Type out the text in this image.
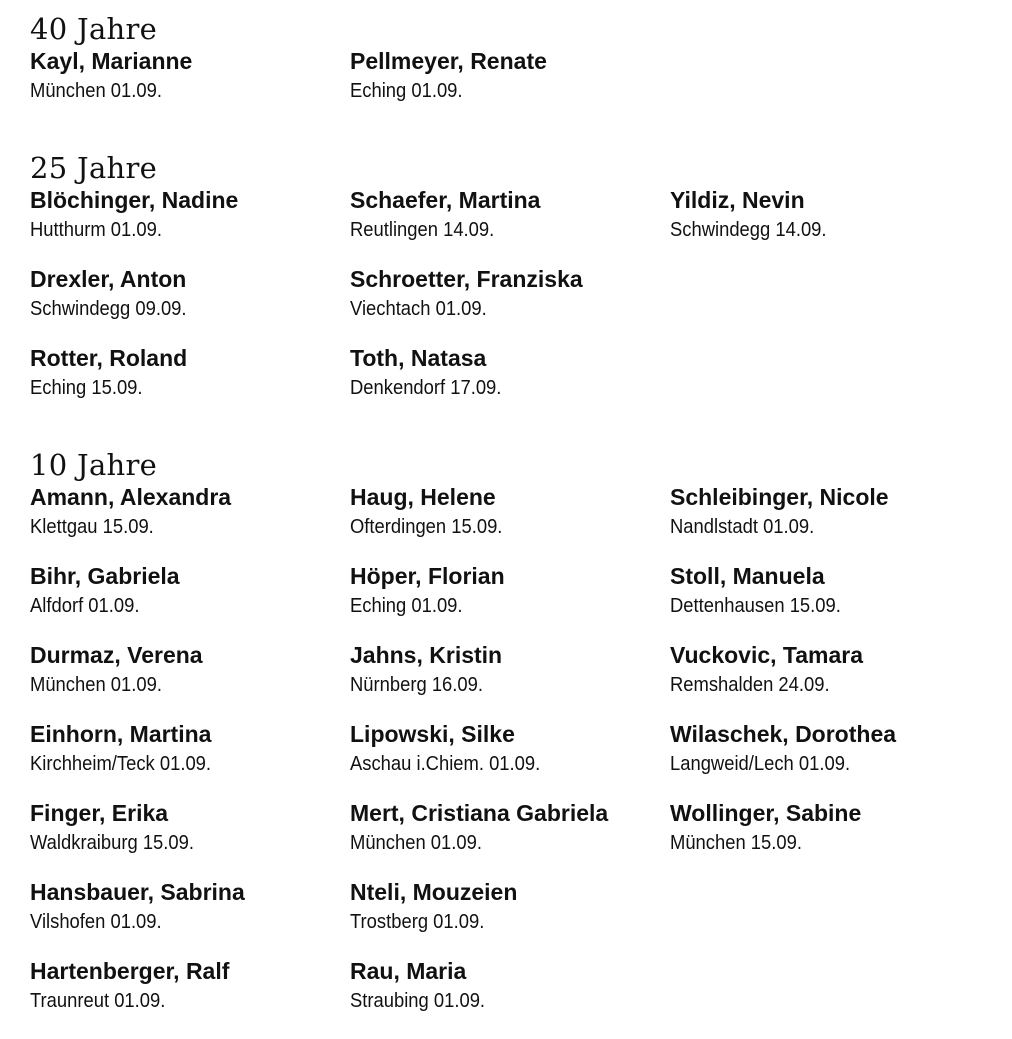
40 Jahre
Kayl, Marianne
München 01.09.
Pellmeyer, Renate
Eching 01.09.
25 Jahre
Blöchinger, Nadine
Hutthurm 01.09.
Drexler, Anton
Schwindegg 09.09.
Rotter, Roland
Eching 15.09.
Schaefer, Martina
Reutlingen 14.09.
Schroetter, Franziska
Viechtach 01.09.
Toth, Natasa
Denkendorf 17.09.
Yildiz, Nevin
Schwindegg 14.09.
10 Jahre
Amann, Alexandra
Klettgau 15.09.
Bihr, Gabriela
Alfdorf 01.09.
Durmaz, Verena
München 01.09.
Einhorn, Martina
Kirchheim/Teck 01.09.
Finger, Erika
Waldkraiburg 15.09.
Hansbauer, Sabrina
Vilshofen 01.09.
Hartenberger, Ralf
Traunreut 01.09.
Haug, Helene
Ofterdingen 15.09.
Höper, Florian
Eching 01.09.
Jahns, Kristin
Nürnberg 16.09.
Lipowski, Silke
Aschau i.Chiem. 01.09.
Mert, Cristiana Gabriela
München 01.09.
Nteli, Mouzeien
Trostberg 01.09.
Rau, Maria
Straubing 01.09.
Schleibinger, Nicole
Nandlstadt 01.09.
Stoll, Manuela
Dettenhausen 15.09.
Vuckovic, Tamara
Remshalden 24.09.
Wilaschek, Dorothea
Langweid/Lech 01.09.
Wollinger, Sabine
München 15.09.
